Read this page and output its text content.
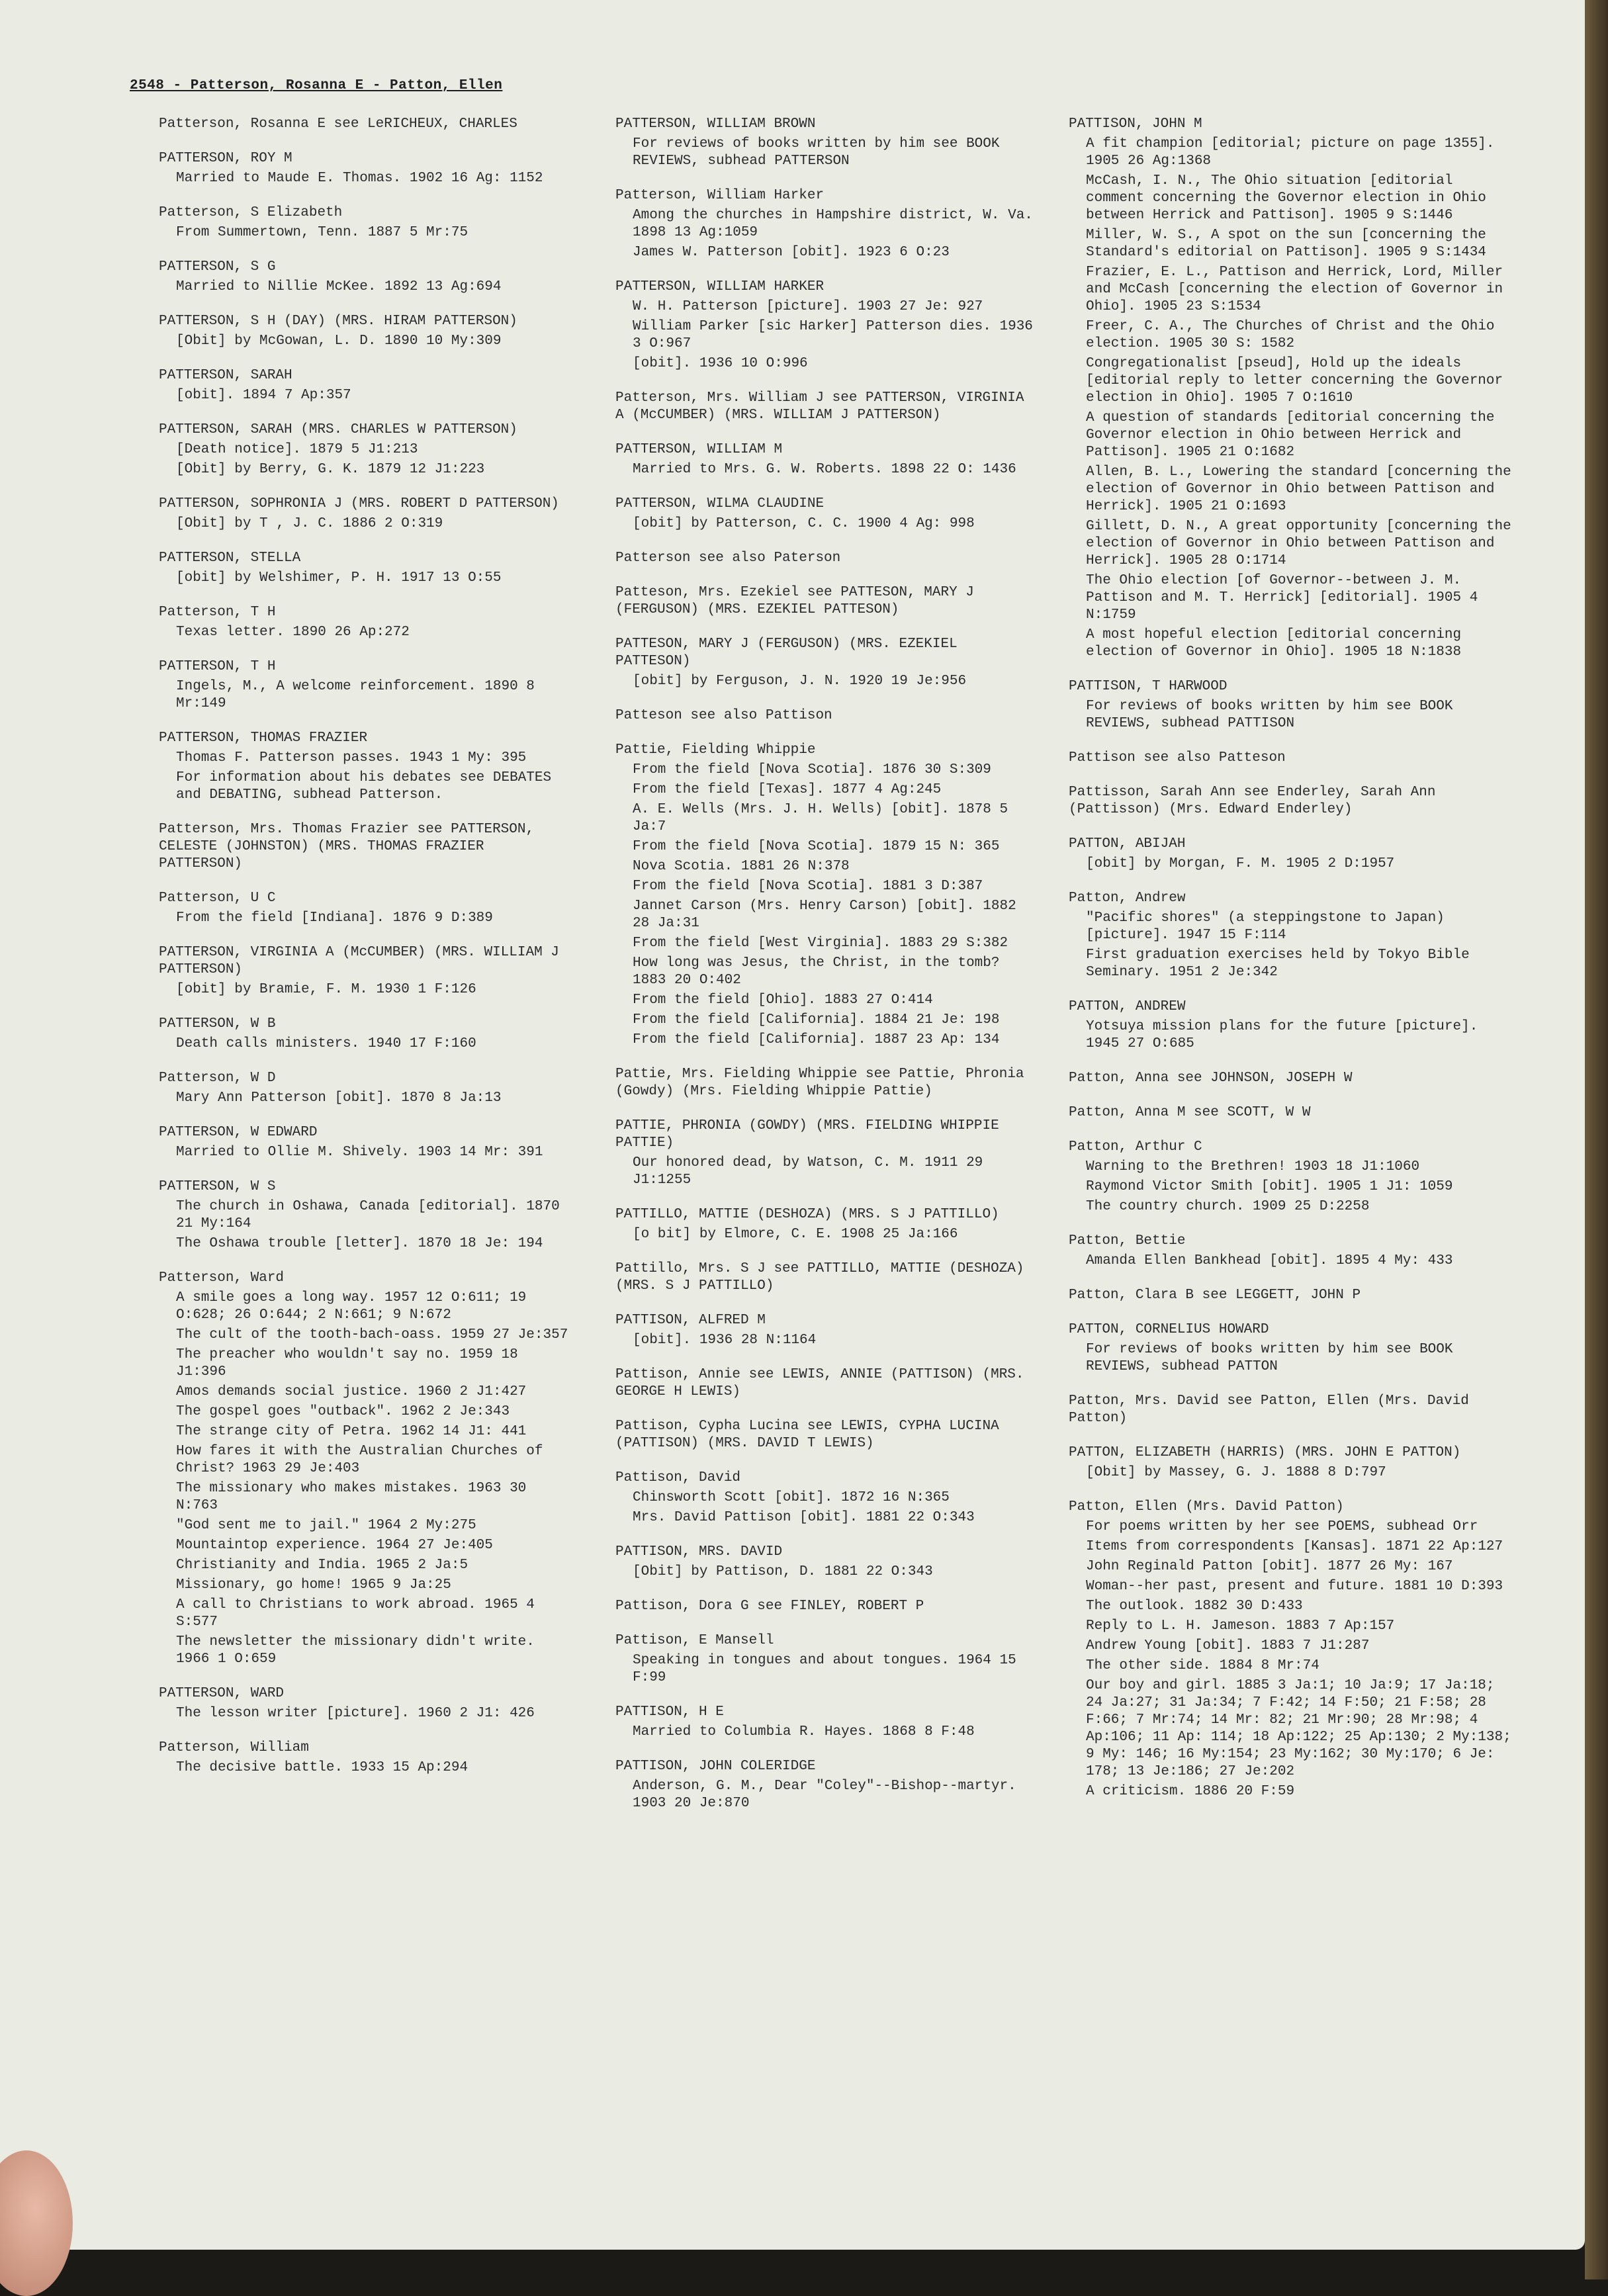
2548 - Patterson, Rosanna E - Patton, Ellen
Patterson, Rosanna E see LeRICHEUX, CHARLES
PATTERSON, ROY M
Married to Maude E. Thomas. 1902 16 Ag: 1152
Patterson, S Elizabeth
From Summertown, Tenn. 1887 5 Mr:75
PATTERSON, S G
Married to Nillie McKee. 1892 13 Ag:694
PATTERSON, S H (DAY) (MRS. HIRAM PATTERSON)
[Obit] by McGowan, L. D. 1890 10 My:309
PATTERSON, SARAH
[obit]. 1894 7 Ap:357
PATTERSON, SARAH (MRS. CHARLES W PATTERSON)
[Death notice]. 1879 5 J1:213
[Obit] by Berry, G. K. 1879 12 J1:223
PATTERSON, SOPHRONIA J (MRS. ROBERT D PATTERSON)
[Obit] by T , J. C. 1886 2 O:319
PATTERSON, STELLA
[obit] by Welshimer, P. H. 1917 13 O:55
Patterson, T H
Texas letter. 1890 26 Ap:272
PATTERSON, T H
Ingels, M., A welcome reinforcement. 1890 8 Mr:149
PATTERSON, THOMAS FRAZIER
Thomas F. Patterson passes. 1943 1 My: 395
For information about his debates see DEBATES and DEBATING, subhead Patterson.
Patterson, Mrs. Thomas Frazier see PATTERSON, CELESTE (JOHNSTON) (MRS. THOMAS FRAZIER PATTERSON)
Patterson, U C
From the field [Indiana]. 1876 9 D:389
PATTERSON, VIRGINIA A (McCUMBER) (MRS. WILLIAM J PATTERSON)
[obit] by Bramie, F. M. 1930 1 F:126
PATTERSON, W B
Death calls ministers. 1940 17 F:160
Patterson, W D
Mary Ann Patterson [obit]. 1870 8 Ja:13
PATTERSON, W EDWARD
Married to Ollie M. Shively. 1903 14 Mr: 391
PATTERSON, W S
The church in Oshawa, Canada [editorial]. 1870 21 My:164
The Oshawa trouble [letter]. 1870 18 Je: 194
Patterson, Ward
A smile goes a long way. 1957 12 O:611; 19 O:628; 26 O:644; 2 N:661; 9 N:672
The cult of the tooth-bach-oass. 1959 27 Je:357
The preacher who wouldn't say no. 1959 18 J1:396
Amos demands social justice. 1960 2 J1:427
The gospel goes "outback". 1962 2 Je:343
The strange city of Petra. 1962 14 J1: 441
How fares it with the Australian Churches of Christ? 1963 29 Je:403
The missionary who makes mistakes. 1963 30 N:763
"God sent me to jail." 1964 2 My:275
Mountaintop experience. 1964 27 Je:405
Christianity and India. 1965 2 Ja:5
Missionary, go home! 1965 9 Ja:25
A call to Christians to work abroad. 1965 4 S:577
The newsletter the missionary didn't write. 1966 1 O:659
PATTERSON, WARD
The lesson writer [picture]. 1960 2 J1: 426
Patterson, William
The decisive battle. 1933 15 Ap:294
PATTERSON, WILLIAM BROWN
For reviews of books written by him see BOOK REVIEWS, subhead PATTERSON
Patterson, William Harker
Among the churches in Hampshire district, W. Va. 1898 13 Ag:1059
James W. Patterson [obit]. 1923 6 O:23
PATTERSON, WILLIAM HARKER
W. H. Patterson [picture]. 1903 27 Je: 927
William Parker [sic Harker] Patterson dies. 1936 3 O:967
[obit]. 1936 10 O:996
Patterson, Mrs. William J see PATTERSON, VIRGINIA A (McCUMBER) (MRS. WILLIAM J PATTERSON)
PATTERSON, WILLIAM M
Married to Mrs. G. W. Roberts. 1898 22 O: 1436
PATTERSON, WILMA CLAUDINE
[obit] by Patterson, C. C. 1900 4 Ag: 998
Patterson see also Paterson
Patteson, Mrs. Ezekiel see PATTESON, MARY J (FERGUSON) (MRS. EZEKIEL PATTESON)
PATTESON, MARY J (FERGUSON) (MRS. EZEKIEL PATTESON)
[obit] by Ferguson, J. N. 1920 19 Je:956
Patteson see also Pattison
Pattie, Fielding Whippie
From the field [Nova Scotia]. 1876 30 S:309
From the field [Texas]. 1877 4 Ag:245
A. E. Wells (Mrs. J. H. Wells) [obit]. 1878 5 Ja:7
From the field [Nova Scotia]. 1879 15 N: 365
Nova Scotia. 1881 26 N:378
From the field [Nova Scotia]. 1881 3 D:387
Jannet Carson (Mrs. Henry Carson) [obit]. 1882 28 Ja:31
From the field [West Virginia]. 1883 29 S:382
How long was Jesus, the Christ, in the tomb? 1883 20 O:402
From the field [Ohio]. 1883 27 O:414
From the field [California]. 1884 21 Je: 198
From the field [California]. 1887 23 Ap: 134
Pattie, Mrs. Fielding Whippie see Pattie, Phronia (Gowdy) (Mrs. Fielding Whippie Pattie)
PATTIE, PHRONIA (GOWDY) (MRS. FIELDING WHIPPIE PATTIE)
Our honored dead, by Watson, C. M. 1911 29 J1:1255
PATTILLO, MATTIE (DESHOZA) (MRS. S J PATTILLO)
[o bit] by Elmore, C. E. 1908 25 Ja:166
Pattillo, Mrs. S J see PATTILLO, MATTIE (DESHOZA) (MRS. S J PATTILLO)
PATTISON, ALFRED M
[obit]. 1936 28 N:1164
Pattison, Annie see LEWIS, ANNIE (PATTISON) (MRS. GEORGE H LEWIS)
Pattison, Cypha Lucina see LEWIS, CYPHA LUCINA (PATTISON) (MRS. DAVID T LEWIS)
Pattison, David
Chinsworth Scott [obit]. 1872 16 N:365
Mrs. David Pattison [obit]. 1881 22 O:343
PATTISON, MRS. DAVID
[Obit] by Pattison, D. 1881 22 O:343
Pattison, Dora G see FINLEY, ROBERT P
Pattison, E Mansell
Speaking in tongues and about tongues. 1964 15 F:99
PATTISON, H E
Married to Columbia R. Hayes. 1868 8 F:48
PATTISON, JOHN COLERIDGE
Anderson, G. M., Dear "Coley"--Bishop--martyr. 1903 20 Je:870
PATTISON, JOHN M
A fit champion [editorial; picture on page 1355]. 1905 26 Ag:1368
McCash, I. N., The Ohio situation [editorial comment concerning the Governor election in Ohio between Herrick and Pattison]. 1905 9 S:1446
Miller, W. S., A spot on the sun [concerning the Standard's editorial on Pattison]. 1905 9 S:1434
Frazier, E. L., Pattison and Herrick, Lord, Miller and McCash [concerning the election of Governor in Ohio]. 1905 23 S:1534
Freer, C. A., The Churches of Christ and the Ohio election. 1905 30 S: 1582
Congregationalist [pseud], Hold up the ideals [editorial reply to letter concerning the Governor election in Ohio]. 1905 7 O:1610
A question of standards [editorial concerning the Governor election in Ohio between Herrick and Pattison]. 1905 21 O:1682
Allen, B. L., Lowering the standard [concerning the election of Governor in Ohio between Pattison and Herrick]. 1905 21 O:1693
Gillett, D. N., A great opportunity [concerning the election of Governor in Ohio between Pattison and Herrick]. 1905 28 O:1714
The Ohio election [of Governor--between J. M. Pattison and M. T. Herrick] [editorial]. 1905 4 N:1759
A most hopeful election [editorial concerning election of Governor in Ohio]. 1905 18 N:1838
PATTISON, T HARWOOD
For reviews of books written by him see BOOK REVIEWS, subhead PATTISON
Pattison see also Patteson
Pattisson, Sarah Ann see Enderley, Sarah Ann (Pattisson) (Mrs. Edward Enderley)
PATTON, ABIJAH
[obit] by Morgan, F. M. 1905 2 D:1957
Patton, Andrew
"Pacific shores" (a steppingstone to Japan) [picture]. 1947 15 F:114
First graduation exercises held by Tokyo Bible Seminary. 1951 2 Je:342
PATTON, ANDREW
Yotsuya mission plans for the future [picture]. 1945 27 O:685
Patton, Anna see JOHNSON, JOSEPH W
Patton, Anna M see SCOTT, W W
Patton, Arthur C
Warning to the Brethren! 1903 18 J1:1060
Raymond Victor Smith [obit]. 1905 1 J1: 1059
The country church. 1909 25 D:2258
Patton, Bettie
Amanda Ellen Bankhead [obit]. 1895 4 My: 433
Patton, Clara B see LEGGETT, JOHN P
PATTON, CORNELIUS HOWARD
For reviews of books written by him see BOOK REVIEWS, subhead PATTON
Patton, Mrs. David see Patton, Ellen (Mrs. David Patton)
PATTON, ELIZABETH (HARRIS) (MRS. JOHN E PATTON)
[Obit] by Massey, G. J. 1888 8 D:797
Patton, Ellen (Mrs. David Patton)
For poems written by her see POEMS, subhead Orr
Items from correspondents [Kansas]. 1871 22 Ap:127
John Reginald Patton [obit]. 1877 26 My: 167
Woman--her past, present and future. 1881 10 D:393
The outlook. 1882 30 D:433
Reply to L. H. Jameson. 1883 7 Ap:157
Andrew Young [obit]. 1883 7 J1:287
The other side. 1884 8 Mr:74
Our boy and girl. 1885 3 Ja:1; 10 Ja:9; 17 Ja:18; 24 Ja:27; 31 Ja:34; 7 F:42; 14 F:50; 21 F:58; 28 F:66; 7 Mr:74; 14 Mr: 82; 21 Mr:90; 28 Mr:98; 4 Ap:106; 11 Ap: 114; 18 Ap:122; 25 Ap:130; 2 My:138; 9 My: 146; 16 My:154; 23 My:162; 30 My:170; 6 Je: 178; 13 Je:186; 27 Je:202
A criticism. 1886 20 F:59
